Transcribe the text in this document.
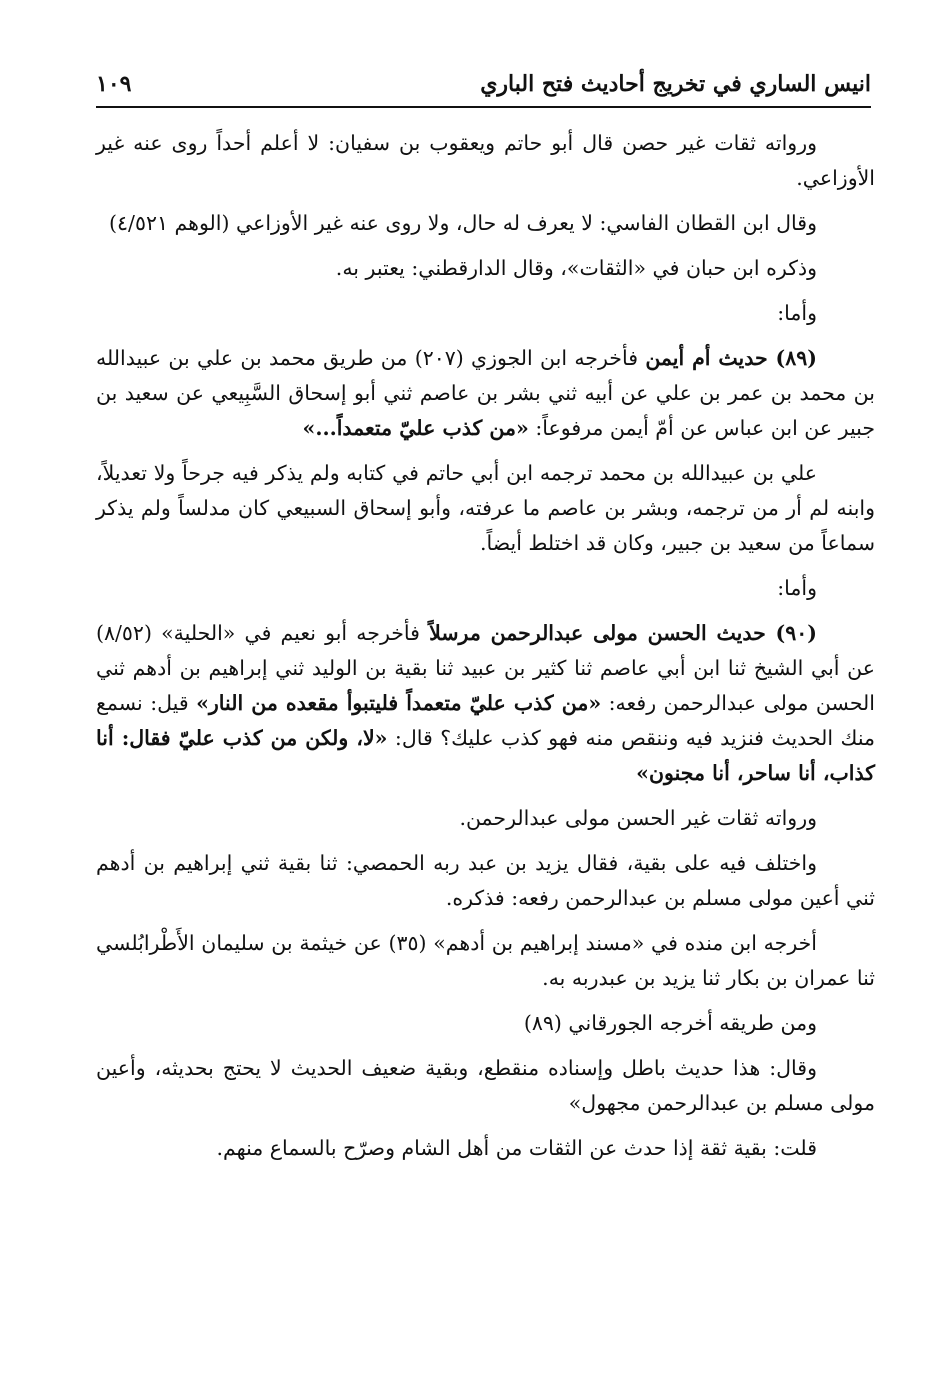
انيس الساري في تخريج أحاديث فتح الباري
١٠٩

ورواته ثقات غير حصن قال أبو حاتم ويعقوب بن سفيان: لا أعلم أحداً روى عنه غير الأوزاعي.

وقال ابن القطان الفاسي: لا يعرف له حال، ولا روى عنه غير الأوزاعي (الوهم ٤/٥٢١)

وذكره ابن حبان في «الثقات»، وقال الدارقطني: يعتبر به.

وأما:

(٨٩) حديث أم أيمن فأخرجه ابن الجوزي (٢٠٧) من طريق محمد بن علي بن عبيدالله بن محمد بن عمر بن علي عن أبيه ثني بشر بن عاصم ثني أبو إسحاق السَّبِيعي عن سعيد بن جبير عن ابن عباس عن أمّ أيمن مرفوعاً: «من كذب عليّ متعمداً...»

علي بن عبيدالله بن محمد ترجمه ابن أبي حاتم في كتابه ولم يذكر فيه جرحاً ولا تعديلاً، وابنه لم أر من ترجمه، وبشر بن عاصم ما عرفته، وأبو إسحاق السبيعي كان مدلساً ولم يذكر سماعاً من سعيد بن جبير، وكان قد اختلط أيضاً.

وأما:

(٩٠) حديث الحسن مولى عبدالرحمن مرسلاً فأخرجه أبو نعيم في «الحلية» (٨/٥٢) عن أبي الشيخ ثنا ابن أبي عاصم ثنا كثير بن عبيد ثنا بقية بن الوليد ثني إبراهيم بن أدهم ثني الحسن مولى عبدالرحمن رفعه: «من كذب عليّ متعمداً فليتبوأ مقعده من النار» قيل: نسمع منك الحديث فنزيد فيه وننقص منه فهو كذب عليك؟ قال: «لا، ولكن من كذب عليّ فقال: أنا كذاب، أنا ساحر، أنا مجنون»

ورواته ثقات غير الحسن مولى عبدالرحمن.

واختلف فيه على بقية، فقال يزيد بن عبد ربه الحمصي: ثنا بقية ثني إبراهيم بن أدهم ثني أعين مولى مسلم بن عبدالرحمن رفعه: فذكره.

أخرجه ابن منده في «مسند إبراهيم بن أدهم» (٣٥) عن خيثمة بن سليمان الأَطْرابُلسي ثنا عمران بن بكار ثنا يزيد بن عبدربه به.

ومن طريقه أخرجه الجورقاني (٨٩)

وقال: هذا حديث باطل وإسناده منقطع، وبقية ضعيف الحديث لا يحتج بحديثه، وأعين مولى مسلم بن عبدالرحمن مجهول»

قلت: بقية ثقة إذا حدث عن الثقات من أهل الشام وصرّح بالسماع منهم.
